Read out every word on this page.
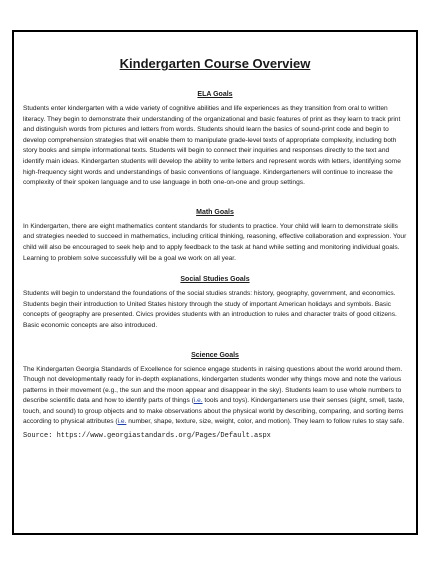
Kindergarten Course Overview
ELA Goals

Students enter kindergarten with a wide variety of cognitive abilities and life experiences as they transition from oral to written literacy. They begin to demonstrate their understanding of the organizational and basic features of print as they learn to track print and distinguish words from pictures and letters from words. Students should learn the basics of sound-print code and begin to develop comprehension strategies that will enable them to manipulate grade-level texts of appropriate complexity, including both story books and simple informational texts. Students will begin to connect their inquiries and responses directly to the text and identify main ideas. Kindergarten students will develop the ability to write letters and represent words with letters, identifying some high-frequency sight words and understandings of basic conventions of language. Kindergarteners will continue to increase the complexity of their spoken language and to use language in both one-on-one and group settings.

Math Goals

In Kindergarten, there are eight mathematics content standards for students to practice. Your child will learn to demonstrate skills and strategies needed to succeed in mathematics, including critical thinking, reasoning, effective collaboration and expression. Your child will also be encouraged to seek help and to apply feedback to the task at hand while setting and monitoring individual goals. Learning to problem solve successfully will be a goal we work on all year.

Social Studies Goals

Students will begin to understand the foundations of the social studies strands: history, geography, government, and economics. Students begin their introduction to United States history through the study of important American holidays and symbols. Basic concepts of geography are presented. Civics provides students with an introduction to rules and character traits of good citizens. Basic economic concepts are also introduced.

Science Goals

The Kindergarten Georgia Standards of Excellence for science engage students in raising questions about the world around them. Though not developmentally ready for in-depth explanations, kindergarten students wonder why things move and note the various patterns in their movement (e.g., the sun and the moon appear and disappear in the sky). Students learn to use whole numbers to describe scientific data and how to identify parts of things (i.e. tools and toys). Kindergarteners use their senses (sight, smell, taste, touch, and sound) to group objects and to make observations about the physical world by describing, comparing, and sorting items according to physical attributes (i.e. number, shape, texture, size, weight, color, and motion). They learn to follow rules to stay safe.

Source: https://www.georgiastandards.org/Pages/Default.aspx
